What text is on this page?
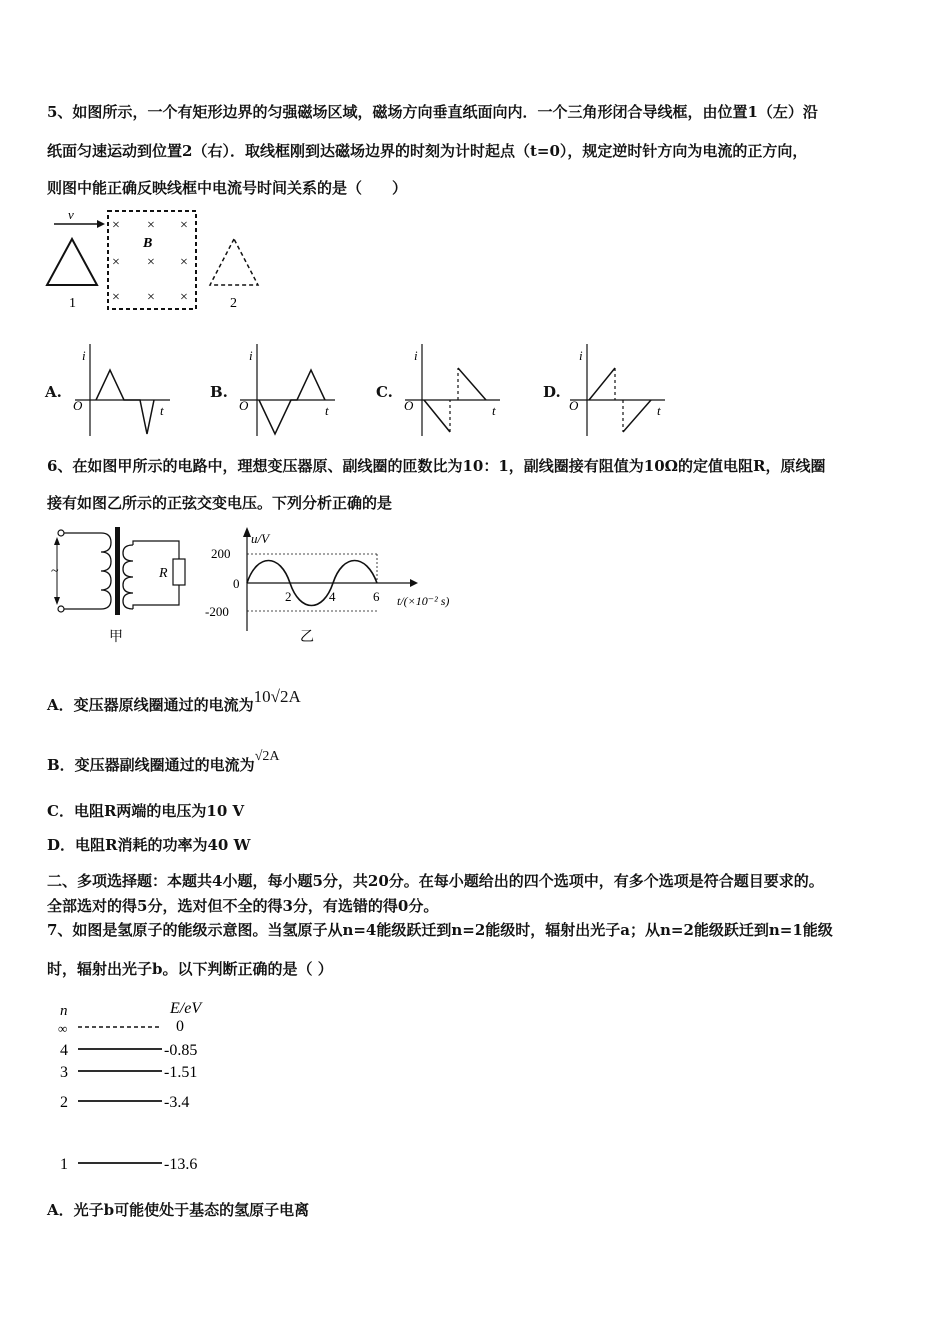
5、如图所示，一个有矩形边界的匀强磁场区域，磁场方向垂直纸面向内．一个三角形闭合导线框，由位置1（左）沿
纸面匀速运动到位置2（右）．取线框刚到达磁场边界的时刻为计时起点（t=0），规定逆时针方向为电流的正方向，
则图中能正确反映线框中电流号时间关系的是（　　）
v
1
× × ×
B
× × ×
× × ×	2
A.
i
O	t
B.
i
O	t
C.
i
O	t
D.
i
O	t
6、在如图甲所示的电路中，理想变压器原、副线圈的匝数比为10：1，副线圈接有阻值为10Ω的定值电阻R，原线圈
接有如图乙所示的正弦交变电压。下列分析正确的是
~	R
甲
u/V
200
0
-200
2	4	6 t/(×10⁻² s)
乙
A．变压器原线圈通过的电流为10√2A
B．变压器副线圈通过的电流为√2A
C．电阻R两端的电压为10 V
D．电阻R消耗的功率为40 W
二、多项选择题：本题共4小题，每小题5分，共20分。在每小题给出的四个选项中，有多个选项是符合题目要求的。
全部选对的得5分，选对但不全的得3分，有选错的得0分。
7、如图是氢原子的能级示意图。当氢原子从n=4能级跃迁到n=2能级时，辐射出光子a；从n=2能级跃迁到n=1能级
时，辐射出光子b。以下判断正确的是（ ）
n	E/eV
∞	0
4	-0.85
3	-1.51
2	-3.4
1	-13.6
A．光子b可能使处于基态的氢原子电离
